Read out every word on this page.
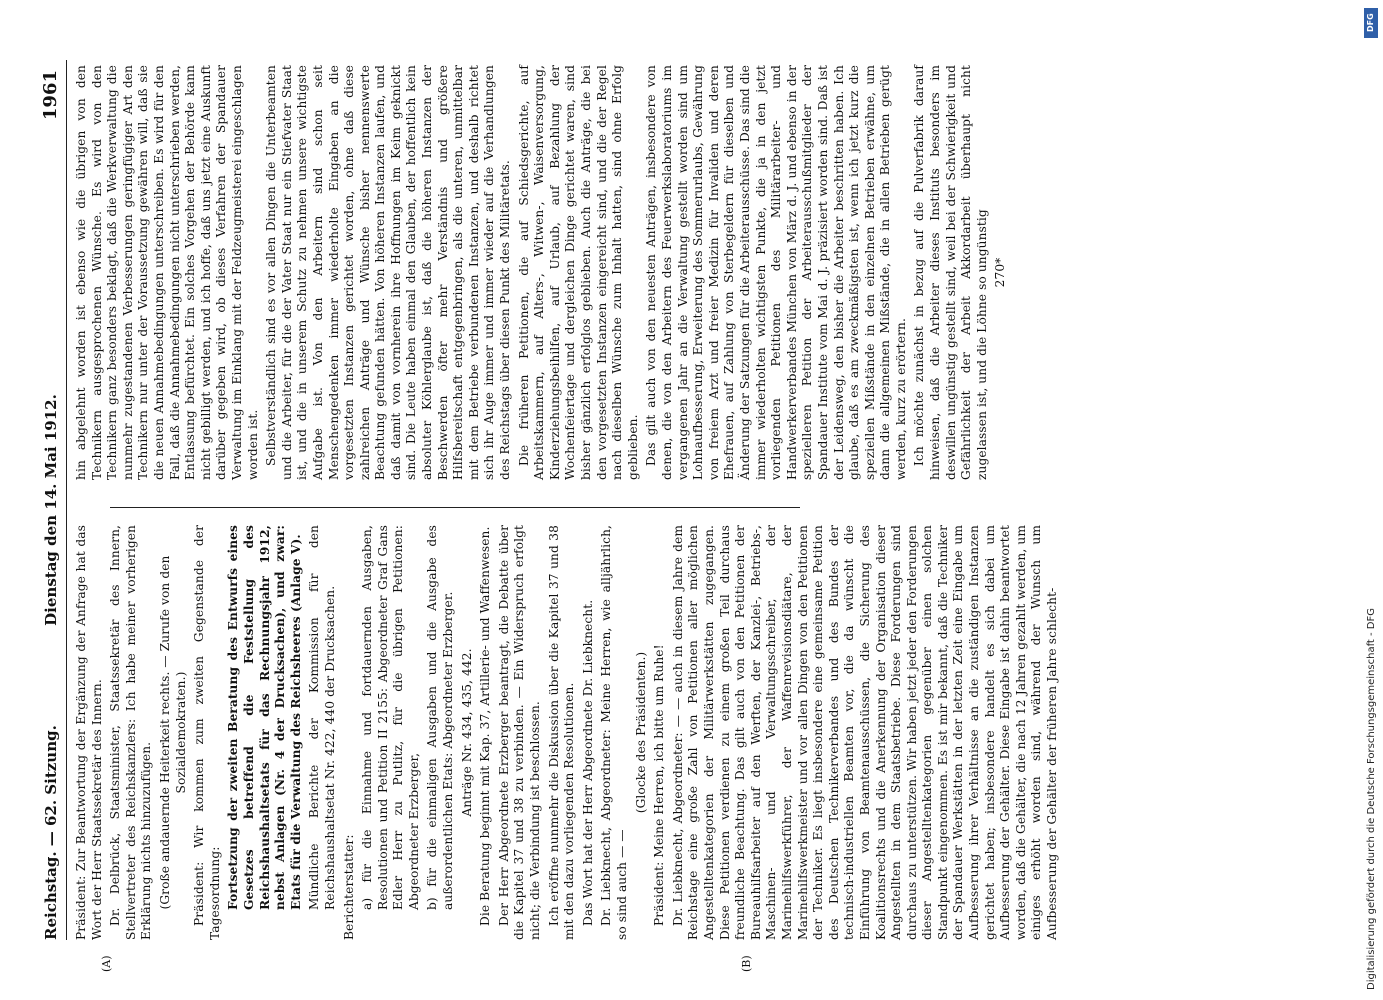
Reichstag. — 62. Sitzung.
Dienstag den 14. Mai 1912.
1961
(A)	(B)

Präsident: Zur Beantwortung der Ergänzung der Anfrage hat das Wort der Herr Staatssekretär des Innern. Dr. Delbrück, Staatsminister, Staatssekretär des Innern, Stellvertreter des Reichskanzlers: Ich habe meiner vorherigen Erklärung nichts hinzuzufügen. (Große andauernde Heiterkeit rechts. — Zurufe von den Sozialdemokraten.) Präsident: Wir kommen zum zweiten Gegenstande der Tagesordnung: Fortsetzung der zweiten Beratung des Entwurfs eines Gesetzes betreffend die Feststellung des Reichshaushaltsetats für das Rechnungsjahr 1912, nebst Anlagen (Nr. 4 der Drucksachen), und zwar: Etats für die Verwaltung des Reichsheeres (Anlage V). Mündliche Berichte der Kommission für den Reichshaushaltsetat Nr. 422, 440 der Drucksachen. Berichterstatter: a) für die Einnahme und fortdauernden Ausgaben, Resolutionen und Petition II 2155: Abgeordneter Graf Gans Edler Herr zu Putlitz, für die übrigen Petitionen: Abgeordneter Erzberger, b) für die einmaligen Ausgaben und die Ausgabe des außerordentlichen Etats: Abgeordneter Erzberger. Anträge Nr. 434, 435, 442. Die Beratung beginnt mit Kap. 37, Artillerie- und Waffenwesen. Der Herr Abgeordnete Erzberger beantragt, die Debatte über die Kapitel 37 und 38 zu verbinden. — Ein Widerspruch erfolgt nicht; die Verbindung ist beschlossen. Ich eröffne nunmehr die Diskussion über die Kapitel 37 und 38 mit den dazu vorliegenden Resolutionen. Das Wort hat der Herr Abgeordnete Dr. Liebknecht. Dr. Liebknecht, Abgeordneter: Meine Herren, wie alljährlich, so sind auch — —

(Glocke des Präsidenten.) Präsident: Meine Herren, ich bitte um Ruhe! Dr. Liebknecht, Abgeordneter: — — auch in diesem Jahre dem Reichstage eine große Zahl von Petitionen aller möglichen Angestelltenkategorien der Militärwerkstätten zugegangen. Diese Petitionen verdienen zu einem großen Teil durchaus freundliche Beachtung. Das gilt auch von den Petitionen der Bureauhilfsarbeiter auf den Werften, der Kanzlei-, Betriebs-, Maschinen- und Verwaltungsschreiber, der Marinehilfswerkführer, der Waffenrevisionsdiätare, der Marinehilfswerkmeister und vor allen Dingen von den Petitionen der Techniker. Es liegt insbesondere eine gemeinsame Petition des Deutschen Technikerverbandes und des Bundes der technisch-industriellen Beamten vor, die da wünscht die Einführung von Beamtenausschüssen, die Sicherung des Koalitionsrechts und die Anerkennung der Organisation dieser Angestellten in dem Staatsbetriebe. Diese Forderungen sind durchaus zu unterstützen. Wir haben jetzt jeder den Forderungen dieser Angestelltenkategorien gegenüber einen solchen Standpunkt eingenommen. Es ist mir bekannt, daß die Techniker der Spandauer Werkstätten in der letzten Zeit eine Eingabe um Aufbesserung ihrer Verhältnisse an die zuständigen Instanzen gerichtet haben; insbesondere handelt es sich dabei um Aufbesserung der Gehälter. Diese Eingabe ist dahin beantwortet worden, daß die Gehälter, die nach 12 Jahren gezahlt werden, um einiges erhöht worden sind, während der Wunsch um Aufbesserung der Gehälter der früheren Jahre schlecht-

hin abgelehnt worden ist ebenso wie die übrigen von den Technikern ausgesprochenen Wünsche. Es wird von den Technikern ganz besonders beklagt, daß die Werkverwaltung die nunmehr zugestandenen Verbesserungen geringfügiger Art den Technikern nur unter der Voraussetzung gewähren will, daß sie die neuen Annahmebedingungen unterschreiben. Es wird für den Fall, daß die Annahmebedingungen nicht unterschrieben werden, Entlassung befürchtet. Ein solches Vorgehen der Behörde kann nicht gebilligt werden, und ich hoffe, daß uns jetzt eine Auskunft darüber gegeben wird, ob dieses Verfahren der Spandauer Verwaltung im Einklang mit der Feldzeugmeisterei eingeschlagen worden ist. Selbstverständlich sind es vor allen Dingen die Unterbeamten und die Arbeiter, für die der Vater Staat nur ein Stiefvater Staat ist, und die in unserem Schutz zu nehmen unsere wichtigste Aufgabe ist. Von den Arbeitern sind schon seit Menschengedenken immer wiederholte Eingaben an die vorgesetzten Instanzen gerichtet worden, ohne daß diese zahlreichen Anträge und Wünsche bisher nennenswerte Beachtung gefunden hätten. Von höheren Instanzen laufen, und daß damit von vornherein ihre Hoffnungen im Keim geknickt sind. Die Leute haben einmal den Glauben, der hoffentlich kein absoluter Köhlerglaube ist, daß die höheren Instanzen der Beschwerden öfter mehr Verständnis und größere Hilfsbereitschaft entgegenbringen, als die unteren, unmittelbar mit dem Betriebe verbundenen Instanzen, und deshalb richtet sich ihr Auge immer und immer wieder auf die Verhandlungen des Reichstags über diesen Punkt des Militäretats. Die früheren Petitionen, die auf Schiedsgerichte, auf Arbeitskammern, auf Alters-, Witwen-, Waisenversorgung, Kinderziehungsbeihilfen, auf Urlaub, auf Bezahlung der Wochenfeiertage und dergleichen Dinge gerichtet waren, sind bisher gänzlich erfolglos geblieben. Auch die Anträge, die bei den vorgesetzten Instanzen eingereicht sind, und die der Regel nach dieselben Wünsche zum Inhalt hatten, sind ohne Erfolg geblieben. Das gilt auch von den neuesten Anträgen, insbesondere von denen, die von den Arbeitern des Feuerwerkslaboratoriums im vergangenen Jahr an die Verwaltung gestellt worden sind um Lohnaufbesserung, Erweiterung des Sommerurlaubs, Gewährung von freiem Arzt und freier Medizin für Invaliden und deren Ehefrauen, auf Zahlung von Sterbegeldern für dieselben und Änderung der Satzungen für die Arbeiterausschüsse. Das sind die immer wiederholten wichtigsten Punkte, die ja in den jetzt vorliegenden Petitionen des Militärarbeiter- und Handwerkerverbandes München von März d. J. und ebenso in der spezielleren Petition der Arbeiterausschußmitglieder der Spandauer Institute vom Mai d. J. präzisiert worden sind. Daß ist der Leidensweg, den bisher die Arbeiter beschritten haben. Ich glaube, daß es am zweckmäßigsten ist, wenn ich jetzt kurz die speziellen Mißstände in den einzelnen Betrieben erwähne, um dann die allgemeinen Mißstände, die in allen Betrieben gerügt werden, kurz zu erörtern. Ich möchte zunächst in bezug auf die Pulverfabrik darauf hinweisen, daß die Arbeiter dieses Instituts besonders im deswillen ungünstig gestellt sind, weil bei der Schwierigkeit und Gefährlichkeit der Arbeit Akkordarbeit überhaupt nicht zugelassen ist, und die Löhne so ungünstig 270*

DFG
Digitalisierung gefördert durch die Deutsche Forschungsgemeinschaft - DFG
